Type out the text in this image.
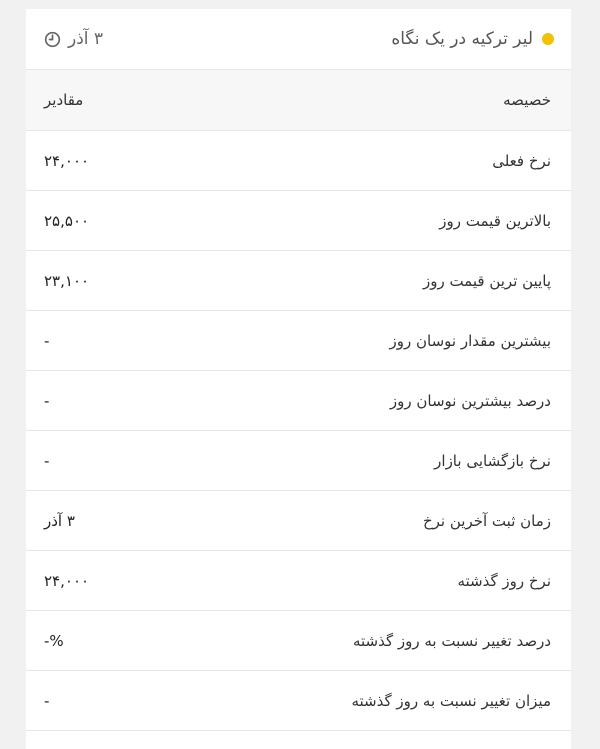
لیر ترکیه در یک نگاه
۳ آذر
خصیصه
مقادیر
نرخ فعلی
۲۴,۰۰۰
بالاترین قیمت روز
۲۵,۵۰۰
پایین ترین قیمت روز
۲۳,۱۰۰
بیشترین مقدار نوسان روز
-
درصد بیشترین نوسان روز
-
نرخ بازگشایی بازار
-
زمان ثبت آخرین نرخ
۳ آذر
نرخ روز گذشته
۲۴,۰۰۰
درصد تغییر نسبت به روز گذشته
%-
میزان تغییر نسبت به روز گذشته
-
